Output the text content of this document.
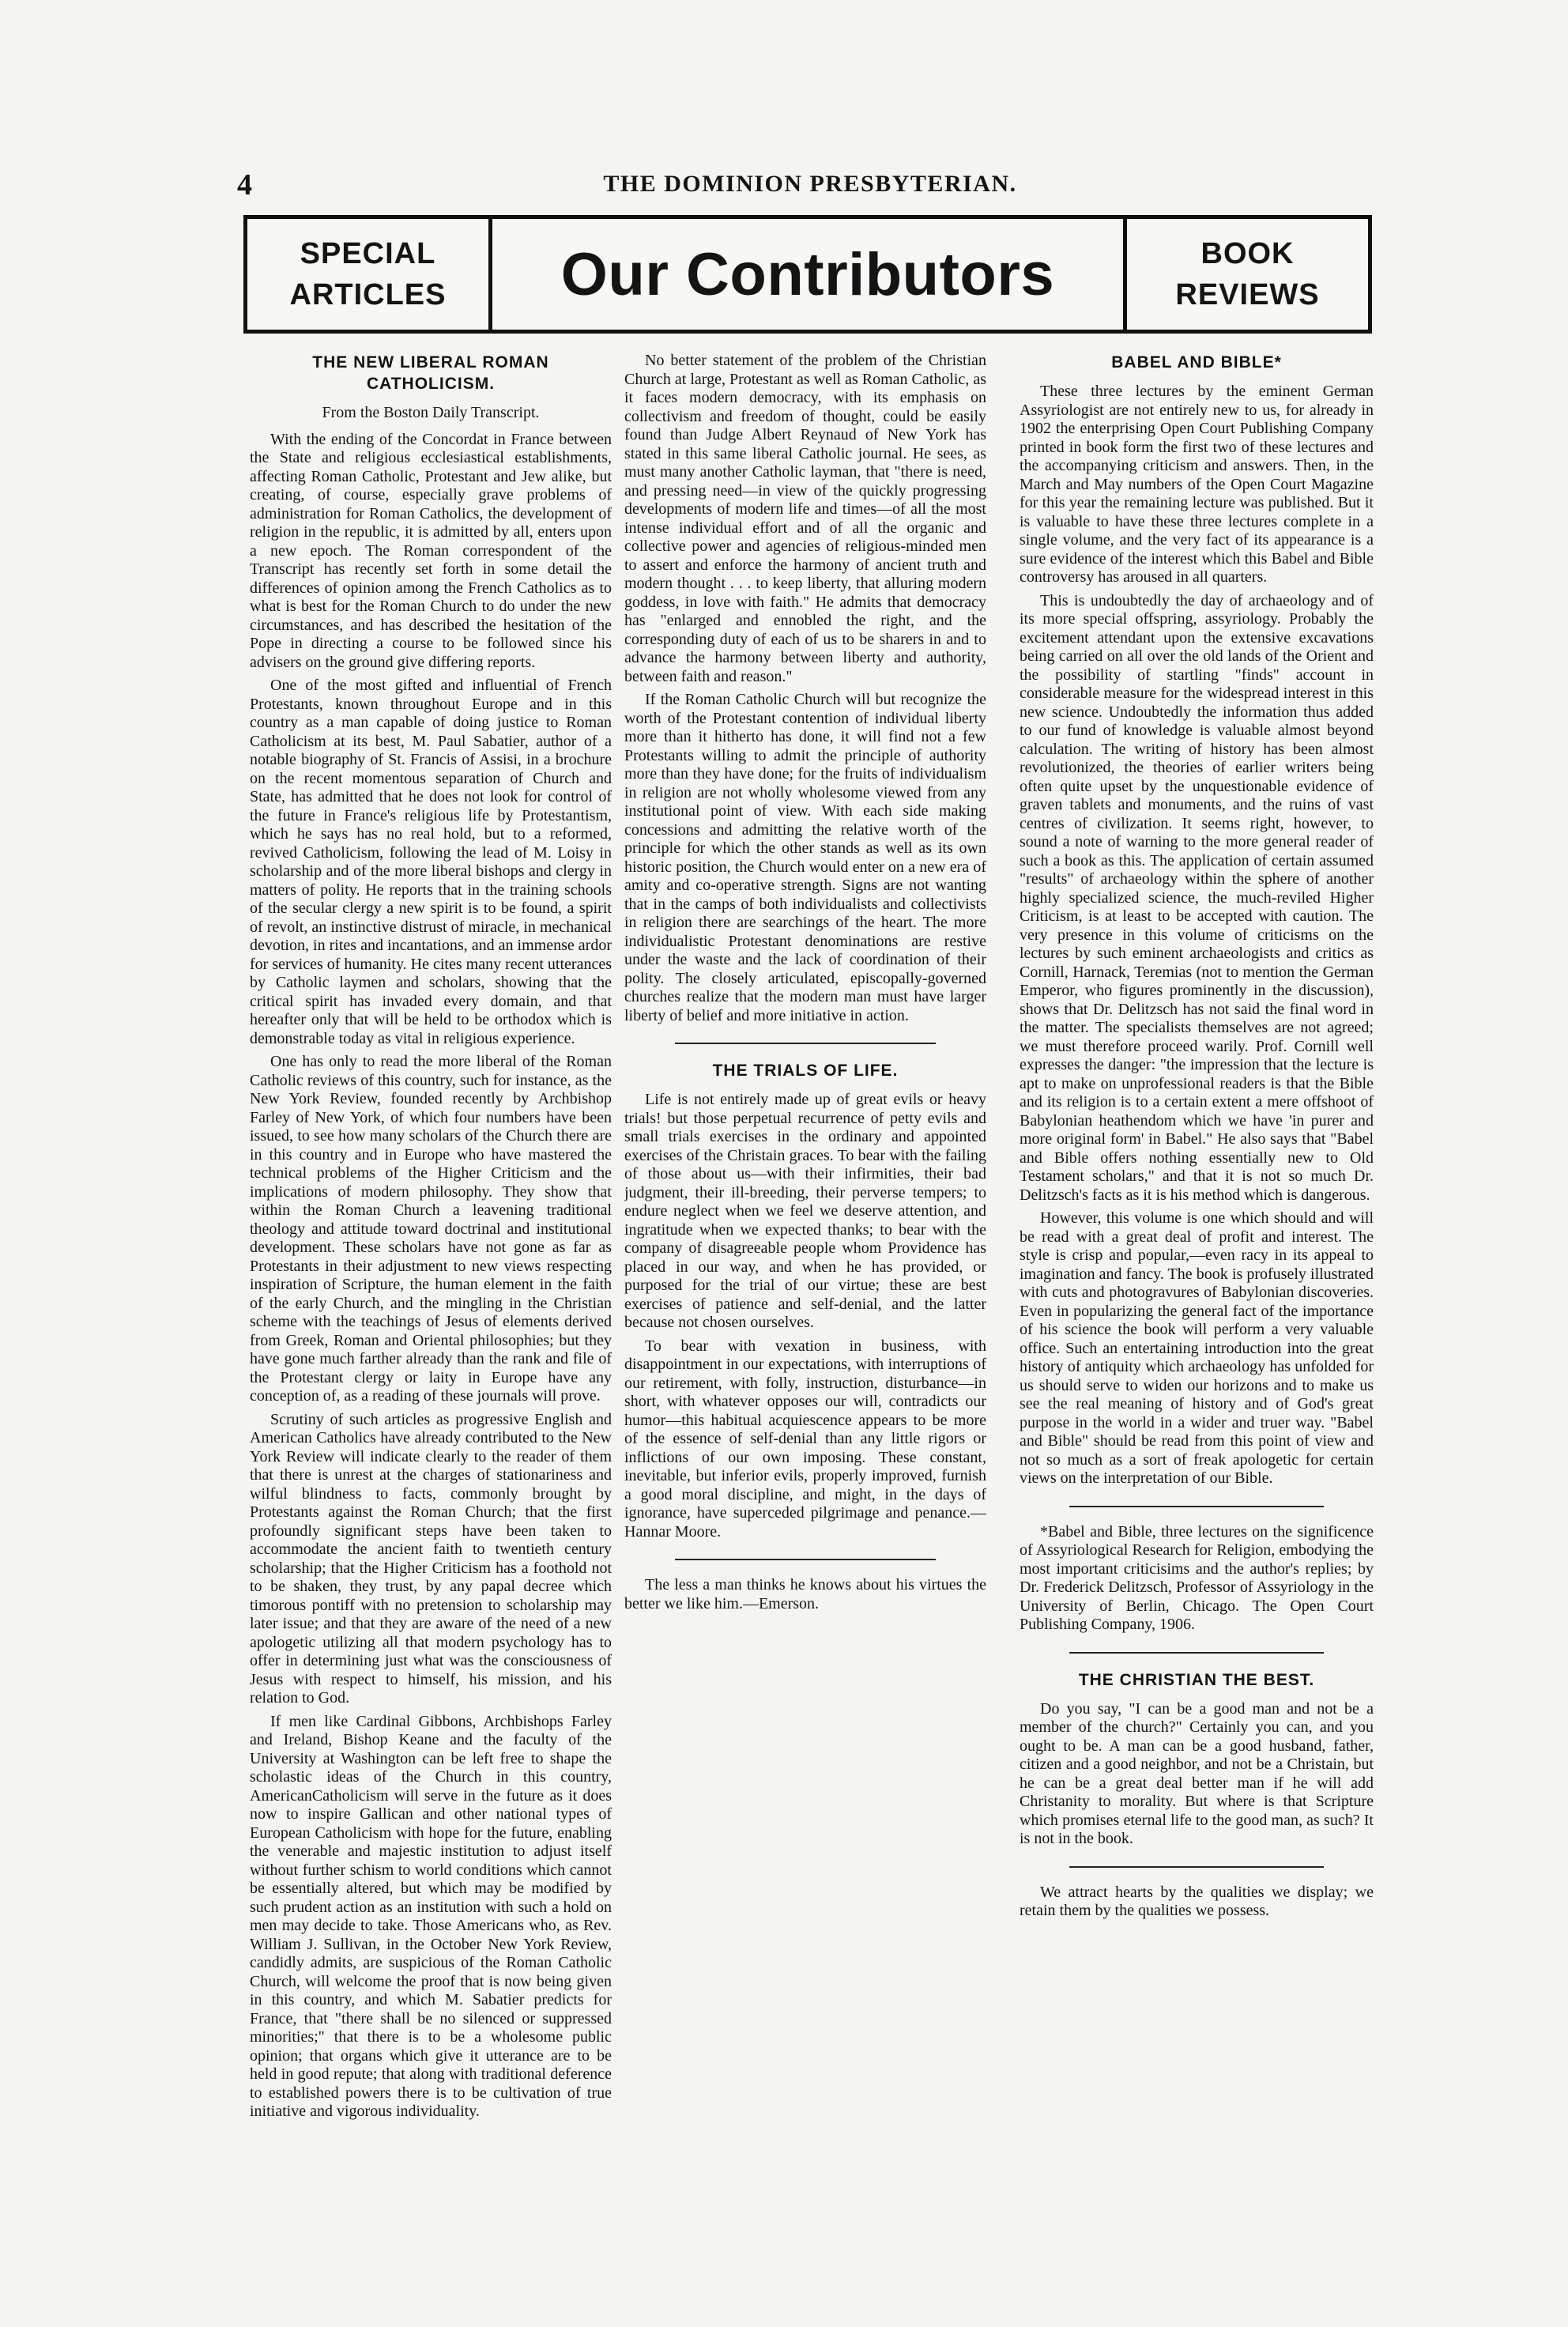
4	THE DOMINION PRESBYTERIAN.
SPECIAL
ARTICLES	Our Contributors	BOOK
REVIEWS
THE NEW LIBERAL ROMAN CATHOLICISM.
From the Boston Daily Transcript.

With the ending of the Concordat in France between the State and religious ecclesiastical establishments, affecting Roman Catholic, Protestant and Jew alike, but creating, of course, especially grave problems of administration for Roman Catholics, the development of religion in the republic, it is admitted by all, enters upon a new epoch. The Roman correspondent of the Transcript has recently set forth in some detail the differences of opinion among the French Catholics as to what is best for the Roman Church to do under the new circumstances, and has described the hesitation of the Pope in directing a course to be followed since his advisers on the ground give differing reports.

One of the most gifted and influential of French Protestants, known throughout Europe and in this country as a man capable of doing justice to Roman Catholicism at its best, M. Paul Sabatier, author of a notable biography of St. Francis of Assisi, in a brochure on the recent momentous separation of Church and State, has admitted that he does not look for control of the future in France's religious life by Protestantism, which he says has no real hold, but to a reformed, revived Catholicism, following the lead of M. Loisy in scholarship and of the more liberal bishops and clergy in matters of polity. He reports that in the training schools of the secular clergy a new spirit is to be found, a spirit of revolt, an instinctive distrust of miracle, in mechanical devotion, in rites and incantations, and an immense ardor for services of humanity. He cites many recent utterances by Catholic laymen and scholars, showing that the critical spirit has invaded every domain, and that hereafter only that will be held to be orthodox which is demonstrable today as vital in religious experience.

One has only to read the more liberal of the Roman Catholic reviews of this country, such for instance, as the New York Review, founded recently by Archbishop Farley of New York, of which four numbers have been issued, to see how many scholars of the Church there are in this country and in Europe who have mastered the technical problems of the Higher Criticism and the implications of modern philosophy. They show that within the Roman Church a leavening traditional theology and attitude toward doctrinal and institutional development. These scholars have not gone as far as Protestants in their adjustment to new views respecting inspiration of Scripture, the human element in the faith of the early Church, and the mingling in the Christian scheme with the teachings of Jesus of elements derived from Greek, Roman and Oriental philosophies; but they have gone much farther already than the rank and file of the Protestant clergy or laity in Europe have any conception of, as a reading of these journals will prove.

Scrutiny of such articles as progressive English and American Catholics have already contributed to the New York Review will indicate clearly to the reader of them that there is unrest at the charges of stationariness and wilful blindness to facts, commonly brought by Protestants against the Roman Church; that the first profoundly significant steps have been taken to accommodate the ancient faith to twentieth century scholarship; that the Higher Criticism has a foothold not to be shaken, they trust, by any papal decree which timorous pontiff with no pretension to scholarship may later issue; and that they are aware of the need of a new apologetic utilizing all that modern psychology has to offer in determining just what was the consciousness of Jesus with respect to himself, his mission, and his relation to God.

If men like Cardinal Gibbons, Archbishops Farley and Ireland, Bishop Keane and the faculty of the University at Washington can be left free to shape the scholastic ideas of the Church in this country, AmericanCatholicism will serve in the future as it does now to inspire Gallican and other national types of European Catholicism with hope for the future, enabling the venerable and majestic institution to adjust itself without further schism to world conditions which cannot be essentially altered, but which may be modified by such prudent action as an institution with such a hold on men may decide to take. Those Americans who, as Rev. William J. Sullivan, in the October New York Review, candidly admits, are suspicious of the Roman Catholic Church, will welcome the proof that is now being given in this country, and which M. Sabatier predicts for France, that "there shall be no silenced or suppressed minorities;" that there is to be a wholesome public opinion; that organs which give it utterance are to be held in good repute; that along with traditional deference to established powers there is to be cultivation of true initiative and vigorous individuality.

No better statement of the problem of the Christian Church at large, Protestant as well as Roman Catholic, as it faces modern democracy, with its emphasis on collectivism and freedom of thought, could be easily found than Judge Albert Reynaud of New York has stated in this same liberal Catholic journal. He sees, as must many another Catholic layman, that "there is need, and pressing need—in view of the quickly progressing developments of modern life and times—of all the most intense individual effort and of all the organic and collective power and agencies of religious-minded men to assert and enforce the harmony of ancient truth and modern thought . . . to keep liberty, that alluring modern goddess, in love with faith." He admits that democracy has "enlarged and ennobled the right, and the corresponding duty of each of us to be sharers in and to advance the harmony between liberty and authority, between faith and reason."

If the Roman Catholic Church will but recognize the worth of the Protestant contention of individual liberty more than it hitherto has done, it will find not a few Protestants willing to admit the principle of authority more than they have done; for the fruits of individualism in religion are not wholly wholesome viewed from any institutional point of view. With each side making concessions and admitting the relative worth of the principle for which the other stands as well as its own historic position, the Church would enter on a new era of amity and co-operative strength. Signs are not wanting that in the camps of both individualists and collectivists in religion there are searchings of the heart. The more individualistic Protestant denominations are restive under the waste and the lack of coordination of their polity. The closely articulated, episcopally-governed churches realize that the modern man must have larger liberty of belief and more initiative in action.

THE TRIALS OF LIFE.

Life is not entirely made up of great evils or heavy trials! but those perpetual recurrence of petty evils and small trials exercises in the ordinary and appointed exercises of the Christain graces. To bear with the failing of those about us—with their infirmities, their bad judgment, their ill-breeding, their perverse tempers; to endure neglect when we feel we deserve attention, and ingratitude when we expected thanks; to bear with the company of disagreeable people whom Providence has placed in our way, and when he has provided, or purposed for the trial of our virtue; these are best exercises of patience and self-denial, and the latter because not chosen ourselves.

To bear with vexation in business, with disappointment in our expectations, with interruptions of our retirement, with folly, instruction, disturbance—in short, with whatever opposes our will, contradicts our humor—this habitual acquiescence appears to be more of the essence of self-denial than any little rigors or inflictions of our own imposing. These constant, inevitable, but inferior evils, properly improved, furnish a good moral discipline, and might, in the days of ignorance, have superceded pilgrimage and penance.—Hannar Moore.

The less a man thinks he knows about his virtues the better we like him.—Emerson.

BABEL AND BIBLE*

These three lectures by the eminent German Assyriologist are not entirely new to us, for already in 1902 the enterprising Open Court Publishing Company printed in book form the first two of these lectures and the accompanying criticism and answers. Then, in the March and May numbers of the Open Court Magazine for this year the remaining lecture was published. But it is valuable to have these three lectures complete in a single volume, and the very fact of its appearance is a sure evidence of the interest which this Babel and Bible controversy has aroused in all quarters.

This is undoubtedly the day of archaeology and of its more special offspring, assyriology. Probably the excitement attendant upon the extensive excavations being carried on all over the old lands of the Orient and the possibility of startling "finds" account in considerable measure for the widespread interest in this new science. Undoubtedly the information thus added to our fund of knowledge is valuable almost beyond calculation. The writing of history has been almost revolutionized, the theories of earlier writers being often quite upset by the unquestionable evidence of graven tablets and monuments, and the ruins of vast centres of civilization. It seems right, however, to sound a note of warning to the more general reader of such a book as this. The application of certain assumed "results" of archaeology within the sphere of another highly specialized science, the much-reviled Higher Criticism, is at least to be accepted with caution. The very presence in this volume of criticisms on the lectures by such eminent archaeologists and critics as Cornill, Harnack, Teremias (not to mention the German Emperor, who figures prominently in the discussion), shows that Dr. Delitzsch has not said the final word in the matter. The specialists themselves are not agreed; we must therefore proceed warily. Prof. Cornill well expresses the danger: "the impression that the lecture is apt to make on unprofessional readers is that the Bible and its religion is to a certain extent a mere offshoot of Babylonian heathendom which we have 'in purer and more original form' in Babel." He also says that "Babel and Bible offers nothing essentially new to Old Testament scholars," and that it is not so much Dr. Delitzsch's facts as it is his method which is dangerous.

However, this volume is one which should and will be read with a great deal of profit and interest. The style is crisp and popular,—even racy in its appeal to imagination and fancy. The book is profusely illustrated with cuts and photogravures of Babylonian discoveries. Even in popularizing the general fact of the importance of his science the book will perform a very valuable office. Such an entertaining introduction into the great history of antiquity which archaeology has unfolded for us should serve to widen our horizons and to make us see the real meaning of history and of God's great purpose in the world in a wider and truer way. "Babel and Bible" should be read from this point of view and not so much as a sort of freak apologetic for certain views on the interpretation of our Bible.

*Babel and Bible, three lectures on the significence of Assyriological Research for Religion, embodying the most important criticisims and the author's replies; by Dr. Frederick Delitzsch, Professor of Assyriology in the University of Berlin, Chicago. The Open Court Publishing Company, 1906.

THE CHRISTIAN THE BEST.

Do you say, "I can be a good man and not be a member of the church?" Certainly you can, and you ought to be. A man can be a good husband, father, citizen and a good neighbor, and not be a Christain, but he can be a great deal better man if he will add Christanity to morality. But where is that Scripture which promises eternal life to the good man, as such? It is not in the book.

We attract hearts by the qualities we display; we retain them by the qualities we possess.
